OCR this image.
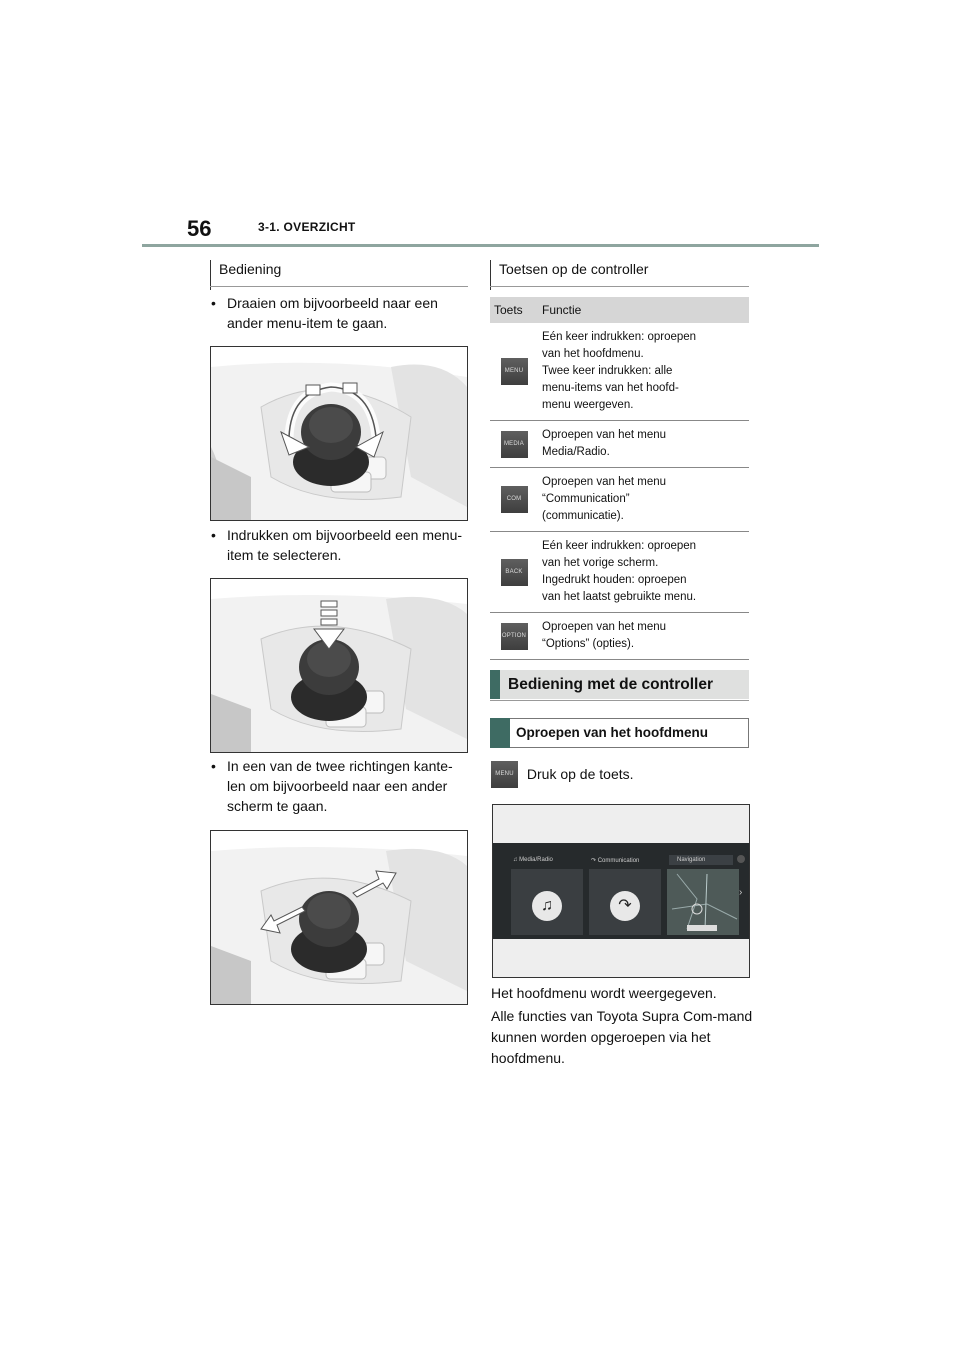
56	3-1. OVERZICHT
Bediening
• Draaien om bijvoorbeeld naar een ander menu-item te gaan.
• Indrukken om bijvoorbeeld een menu-item te selecteren.
• In een van de twee richtingen kante-len om bijvoorbeeld naar een ander scherm te gaan.
Toetsen op de controller
Toets	Functie
MENU	Eén keer indrukken: oproepen
van het hoofdmenu.
Twee keer indrukken: alle
menu-items van het hoofd-
menu weergeven.

MEDIA	Oproepen van het menu
Media/Radio.

COM	Oproepen van het menu
“Communication”
(communicatie).

BACK	Eén keer indrukken: oproepen
van het vorige scherm.
Ingedrukt houden: oproepen
van het laatst gebruikte menu.

OPTION	Oproepen van het menu
“Options” (opties).
Bediening met de controller
Oproepen van het hoofdmenu
MENU Druk op de toets.
♫ Media/Radio	↷ Communication	Navigation
♫	↷
›
Het hoofdmenu wordt weergegeven.
Alle functies van Toyota Supra Com-mand kunnen worden opgeroepen via het hoofdmenu.
